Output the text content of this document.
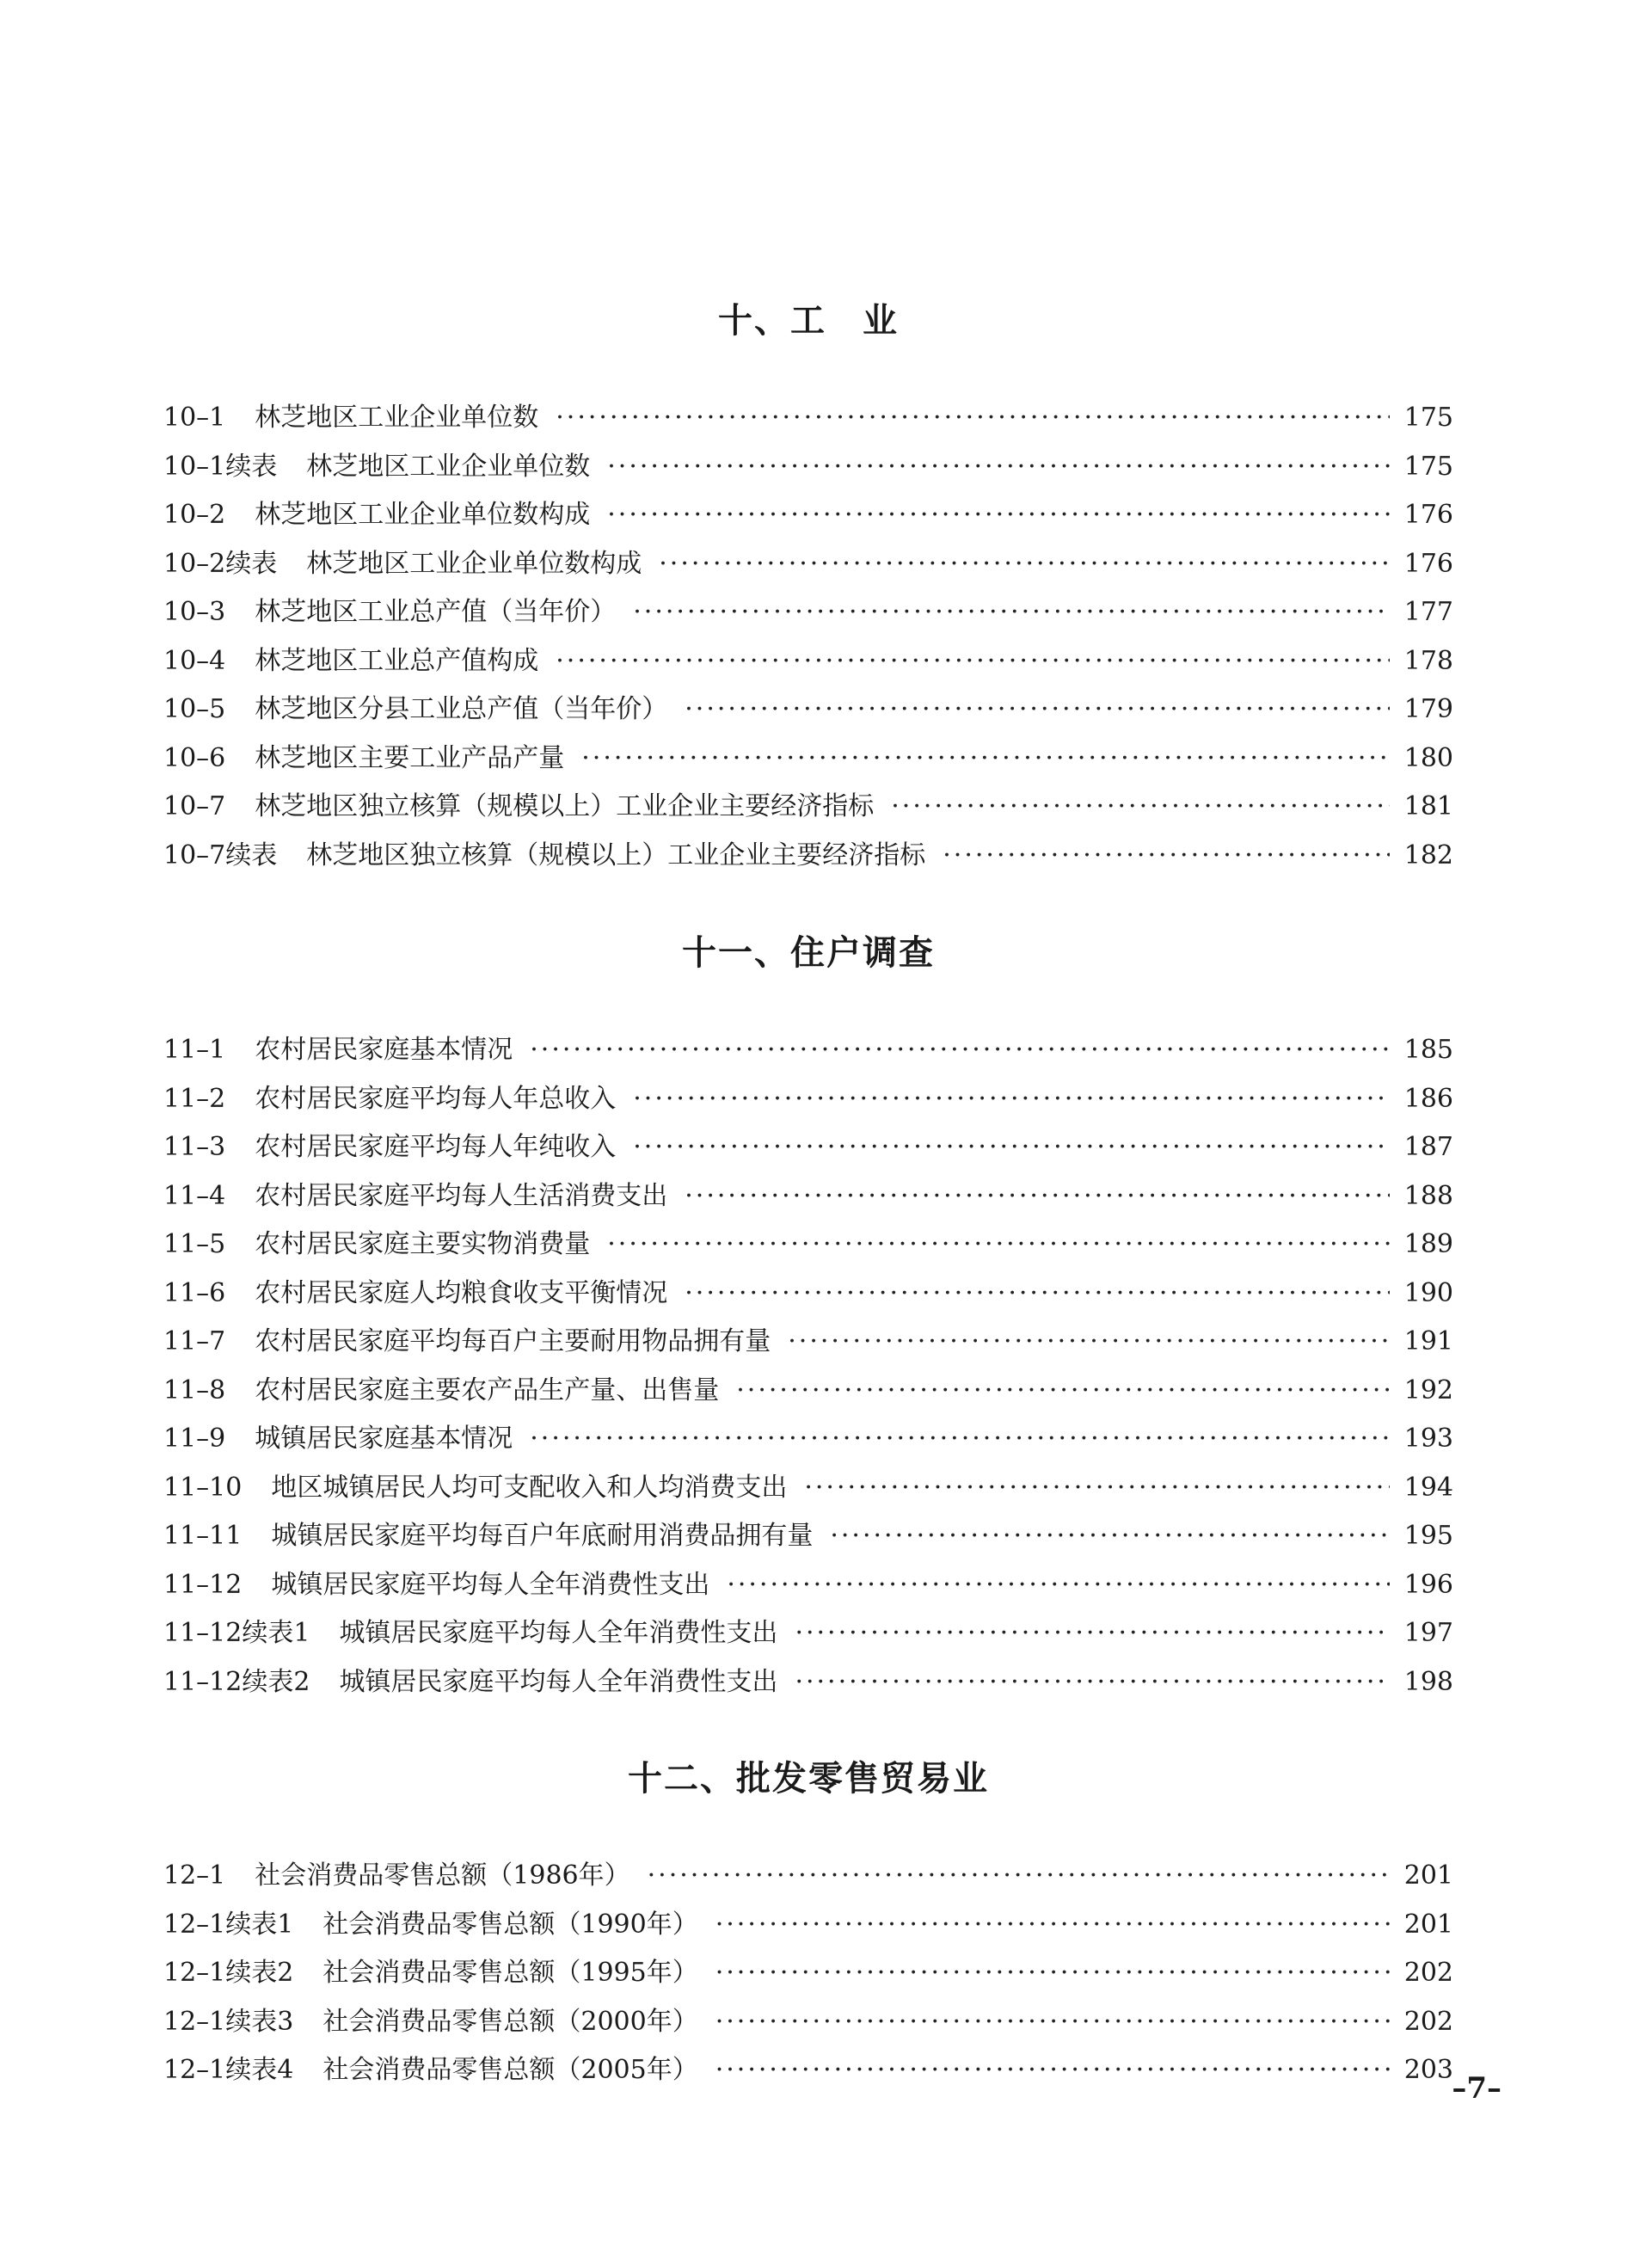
十、工　业
10–1 林芝地区工业企业单位数 ·····	175
10–1续表 林芝地区工业企业单位数 ·····	175
10–2 林芝地区工业企业单位数构成 ·····	176
10–2续表 林芝地区工业企业单位数构成 ·····	176
10–3 林芝地区工业总产值（当年价） ·····	177
10–4 林芝地区工业总产值构成 ·····	178
10–5 林芝地区分县工业总产值（当年价） ·····	179
10–6 林芝地区主要工业产品产量 ·····	180
10–7 林芝地区独立核算（规模以上）工业企业主要经济指标 ·····	181
10–7续表 林芝地区独立核算（规模以上）工业企业主要经济指标 ·····	182
十一、住户调查
11–1 农村居民家庭基本情况 ·····	185
11–2 农村居民家庭平均每人年总收入 ·····	186
11–3 农村居民家庭平均每人年纯收入 ·····	187
11–4 农村居民家庭平均每人生活消费支出 ·····	188
11–5 农村居民家庭主要实物消费量 ·····	189
11–6 农村居民家庭人均粮食收支平衡情况 ·····	190
11–7 农村居民家庭平均每百户主要耐用物品拥有量 ·····	191
11–8 农村居民家庭主要农产品生产量、出售量 ·····	192
11–9 城镇居民家庭基本情况 ·····	193
11–10 地区城镇居民人均可支配收入和人均消费支出 ·····	194
11–11 城镇居民家庭平均每百户年底耐用消费品拥有量 ·····	195
11–12 城镇居民家庭平均每人全年消费性支出 ·····	196
11–12续表1 城镇居民家庭平均每人全年消费性支出 ·····	197
11–12续表2 城镇居民家庭平均每人全年消费性支出 ·····	198
十二、批发零售贸易业
12–1 社会消费品零售总额（1986年） ·····	201
12–1续表1 社会消费品零售总额（1990年） ·····	201
12–1续表2 社会消费品零售总额（1995年） ·····	202
12–1续表3 社会消费品零售总额（2000年） ·····	202
12–1续表4 社会消费品零售总额（2005年） ·····	203
–7–
